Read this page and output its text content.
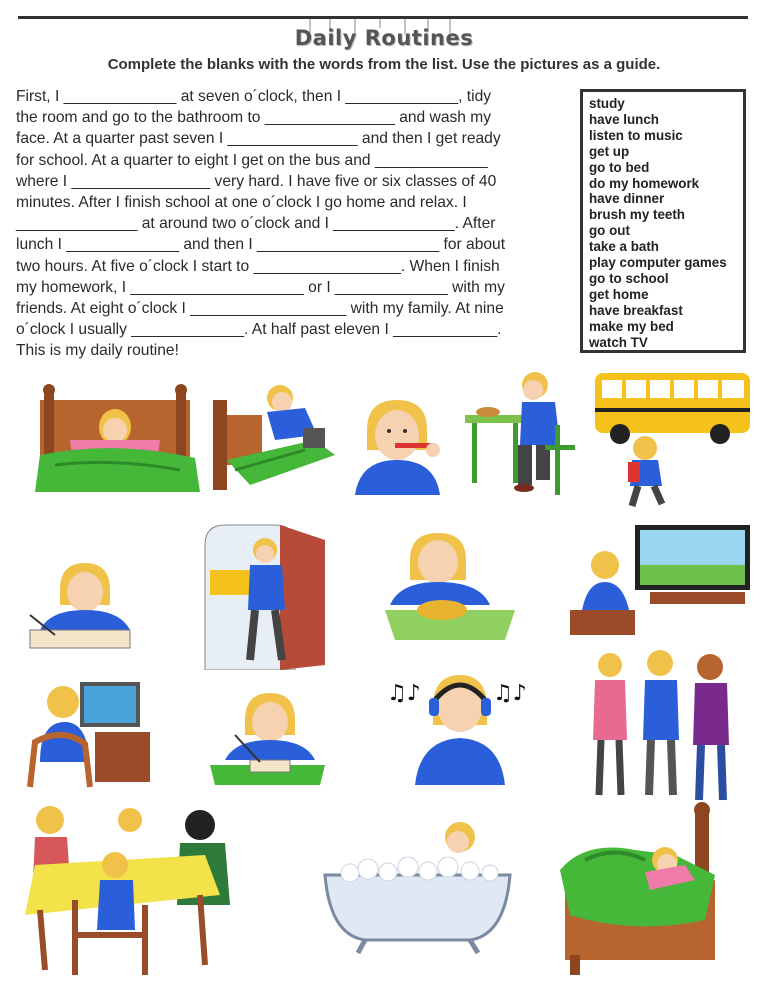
Daily Routines
Complete the blanks with the words from the list. Use the pictures as a guide.
First, I _____________ at seven o´clock, then I _____________, tidy
the room and go to the bathroom to _______________ and wash my
face. At a quarter past seven I _______________ and then I get ready
for school. At a quarter to eight I get on the bus and _____________
where I ________________ very hard. I have five or six classes of 40
minutes. After I finish school at one o´clock I go home and relax. I
______________ at around two o´clock and I ______________. After
lunch I _____________ and then I _____________________ for about
two hours. At five o´clock I start to _________________. When I finish
my homework, I ____________________ or I _____________ with my
friends. At eight o´clock I __________________ with my family. At nine
o´clock I usually _____________. At half past eleven I ____________.
This is my daily routine!
study
have lunch
listen to music
get up
go to bed
do my homework
have dinner
brush my teeth
go out
take a bath
play computer games
go to school
get home
have breakfast
make my bed
watch TV
♫♪	♫♪
